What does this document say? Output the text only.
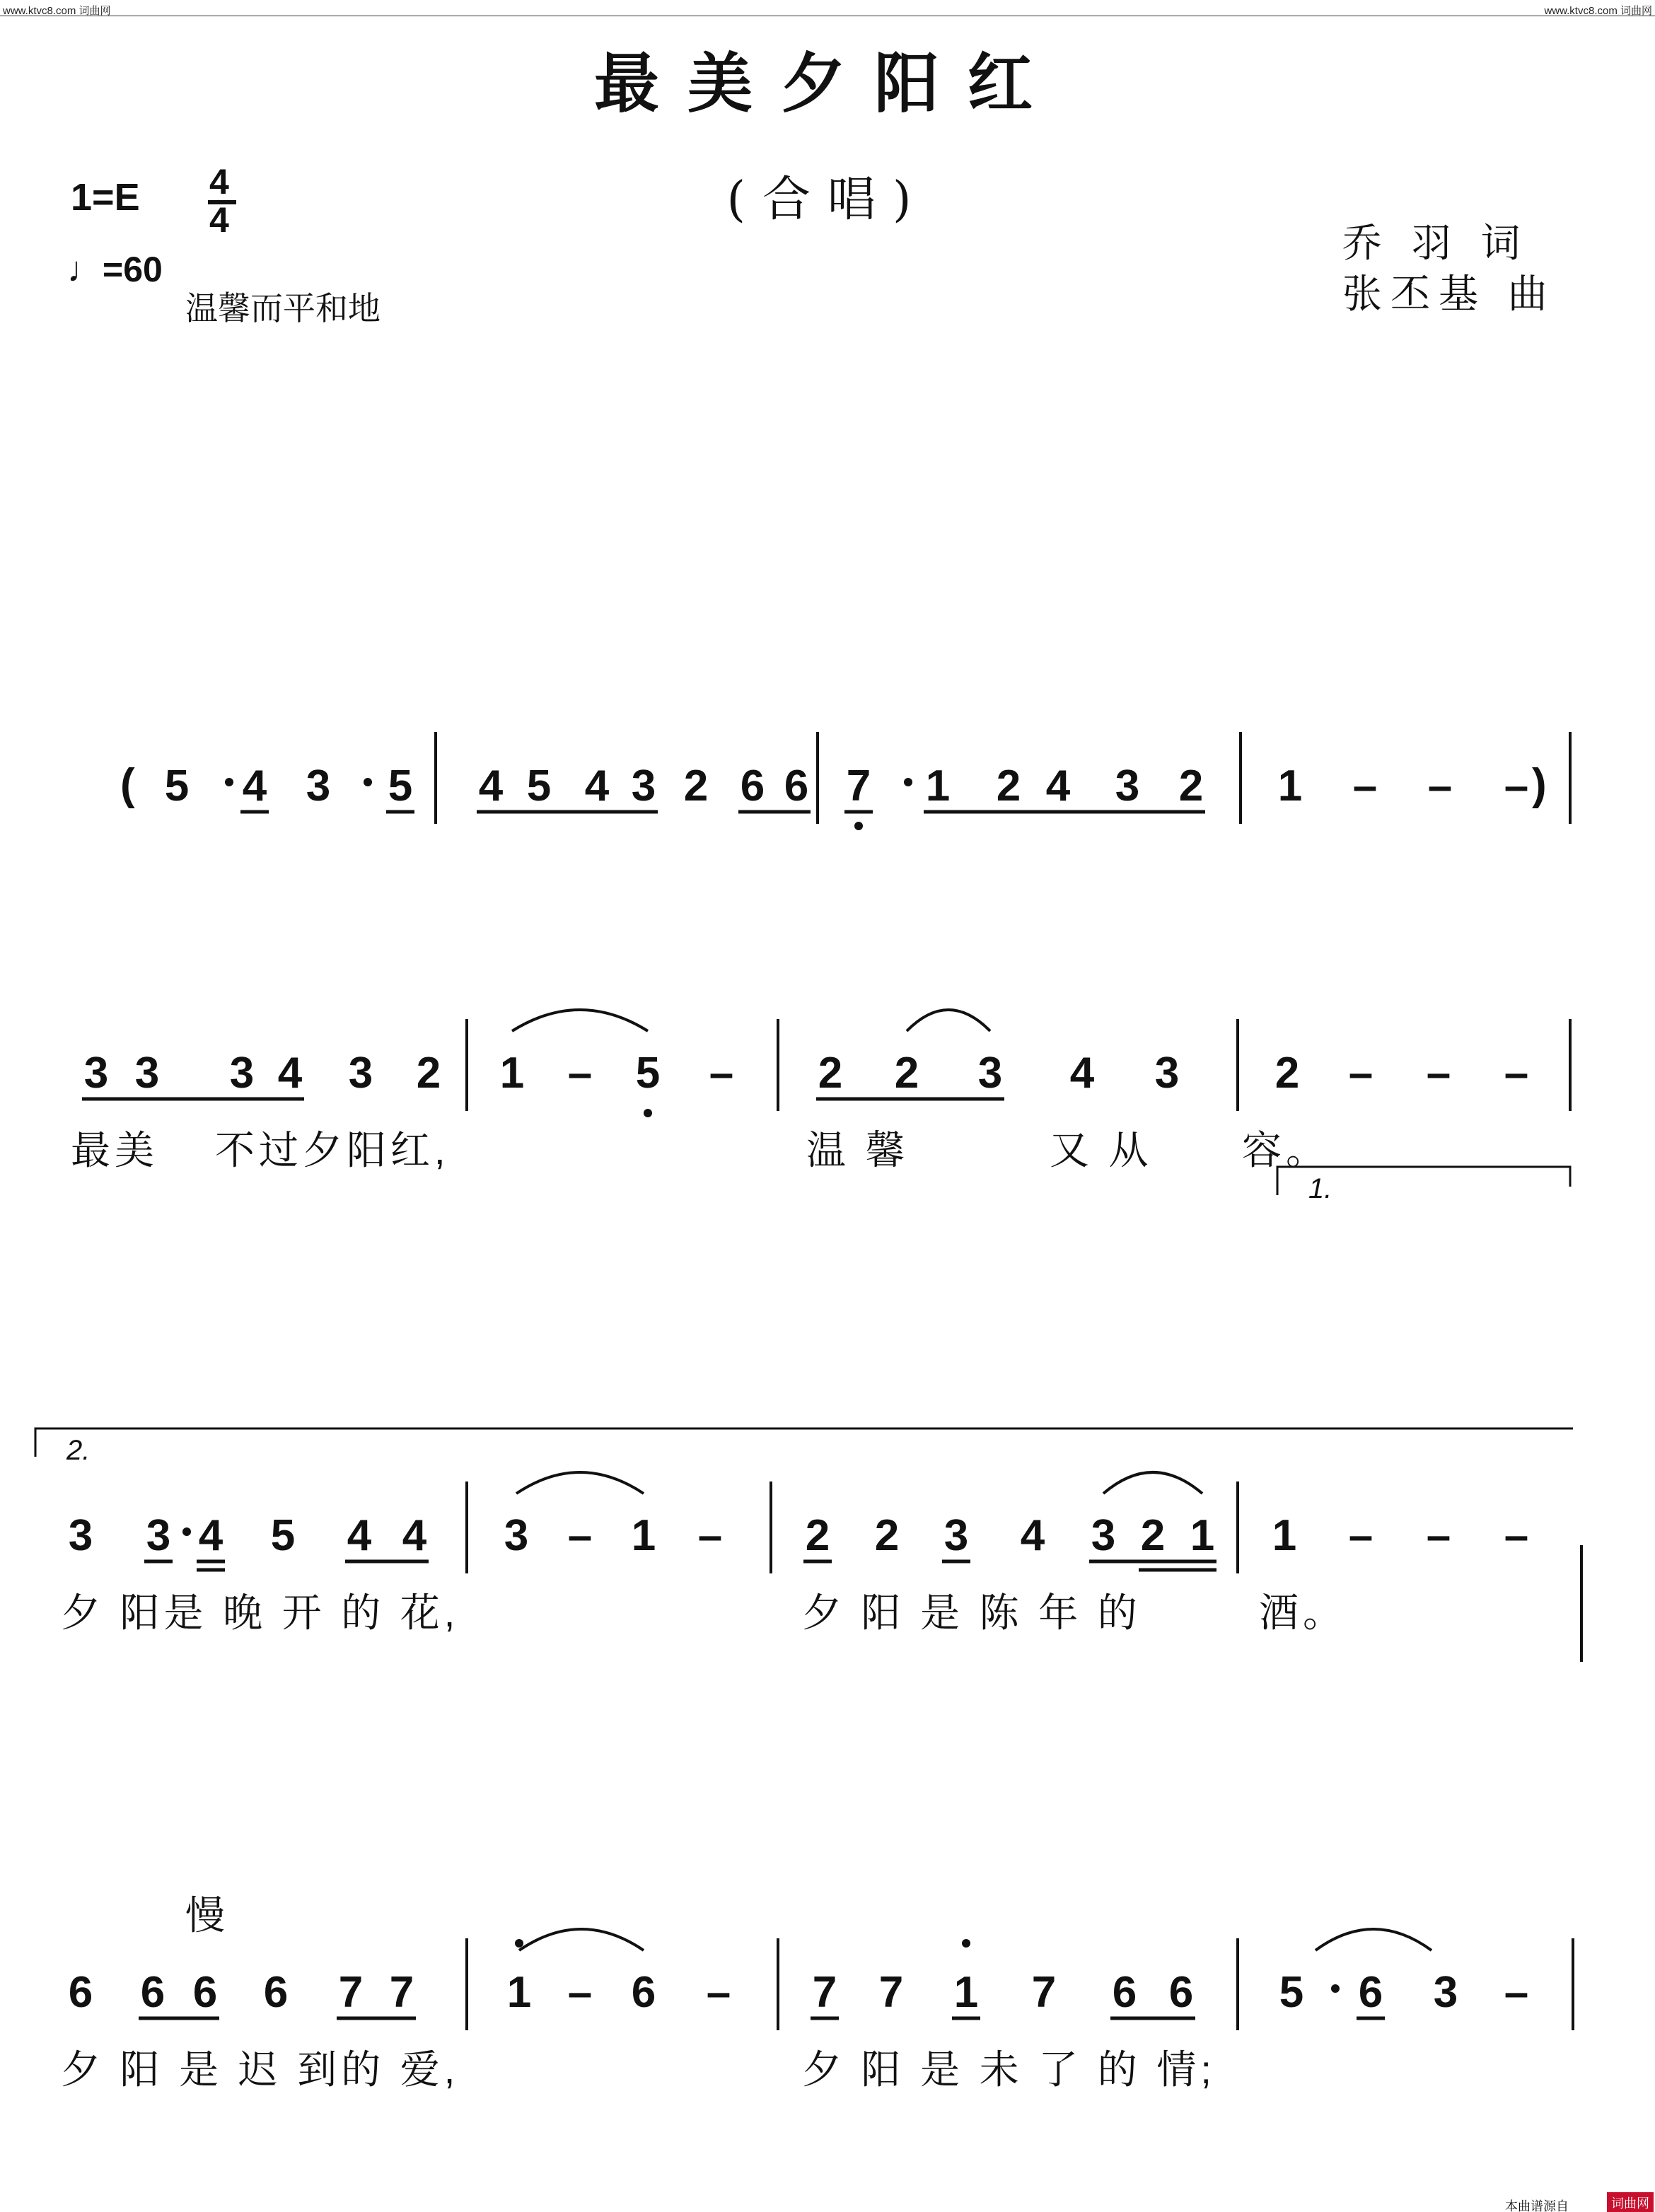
www.ktvc8.com 词曲网	www.ktvc8.com 词曲网
最美夕阳红
(合唱)
1=E 4
4
♩=60
温馨而平和地
乔 羽 词
张丕基 曲
( 5 4 3 5 4 5 4 3 2 6 6 7 1 2 4 3 2 1 – – – )
3 3 3 4 3 2 1 – 5 – 2 2 3 4 3 2 – – –
最美 不过夕阳红,	温 馨	又 从 容。
3 3 4 5 4 4 3 – 1 – 2 2 3 4 3 2 1 1 – – –
夕 阳是 晚 开 的 花,	夕 阳 是 陈 年 的	酒。
6 6 6 6 7 7 1 – 6 – 7 7 1 7 6 6 5 6 3 –
夕 阳 是 迟 到的 爱,	夕 阳 是 未 了 的 情;
1.
2.
慢
本曲谱源自	词曲网
